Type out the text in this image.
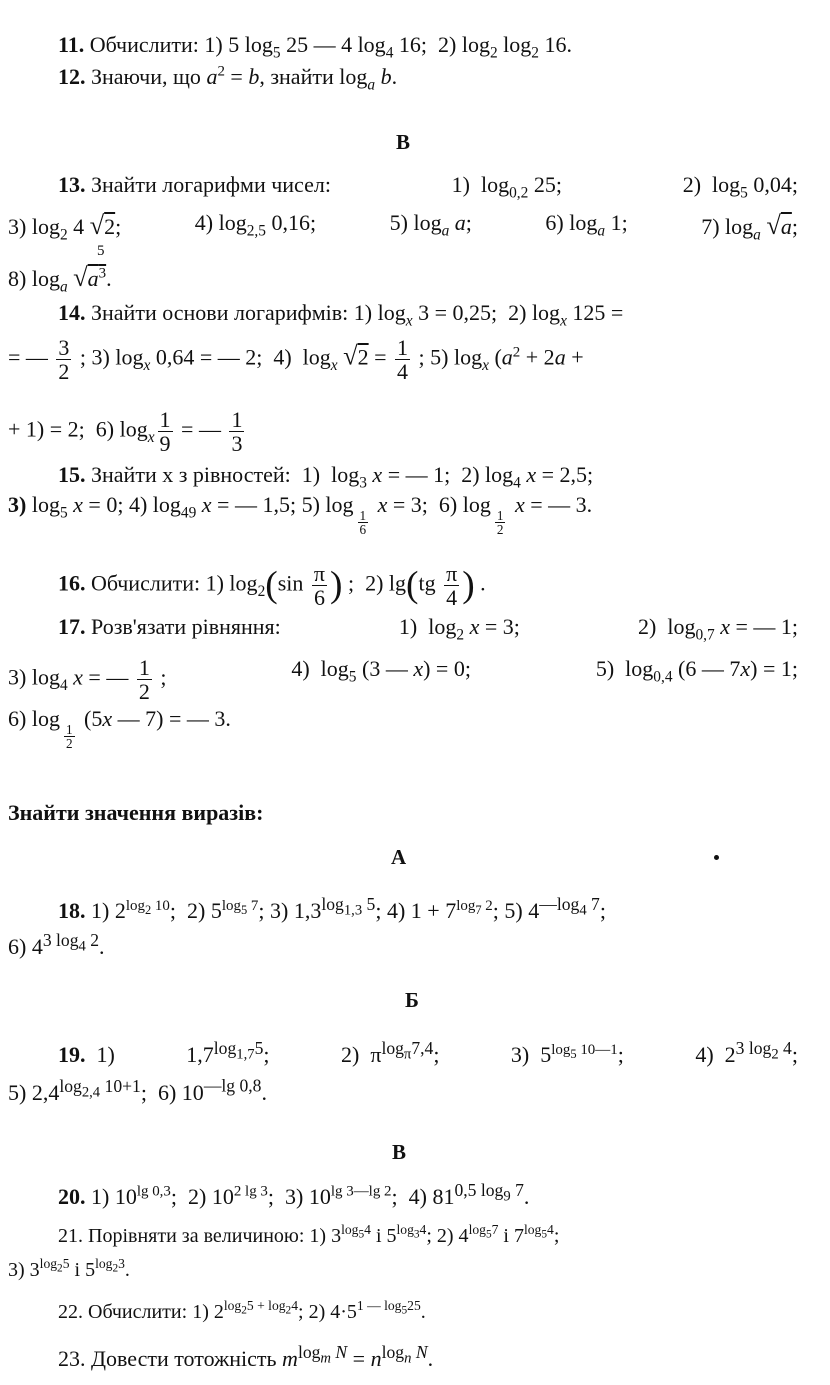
11. Обчислити: 1) 5 $\log_5 25$ — 4 $\log_4 16$;  2) $\log_2 \log_2 16$.
12. Знаючи, що $a^2 = b$, знайти $\log_a b$.
В
13. Знайти логарифми чисел:	1)  $\log_{0,2} 25$;	2)  $\log_5 0,04$;
3) $\log_2 4$ √2;	4) $\log_{2,5} 0,16$;	5) $\log_a a$;	6) $\log_a 1$;	7) $\log_a √a$;
5
8) $\log_a √a^3$.
14. Знайти основи логарифмів: 1) $\log_x 3 = 0,25$;  2) $\log_x 125$ =
= — $\frac{3}{2}$ ; 3) $\log_x 0,64$ = — 2;  4)  $\log_x √2 = \frac{1}{4}$ ; 5) $\log_x (a^2 + 2a$ +
+ 1) = 2;  6) $\log_x \frac{1}{9}$ = — $\frac{1}{3}$
15. Знайти x з рівностей:  1)  $\log_3 x$ = — 1;  2) $\log_4 x = 2,5$;
3) $\log_5 x = 0$; 4) $\log_{49} x$ = — 1,5; 5) log
$\frac{1}{6}$ x = 3;  6) log
$\frac{1}{2}$ x = — 3.
16. Обчислити: 1) $\log_2(\sin \frac{\pi}{6}$ ) ;  2) $\lg(tg \frac{\pi}{4}$ ) .
17. Розв'язати рівняння:	1)  $\log_2 x = 3$;	2)  $\log_{0,7} x$ = — 1;
3) $\log_4 x$ = — $\frac{1}{2}$ ;	4)  $\log_5 (3$ — x) = 0;	5)  $\log_{0,4} (6$ — 7x) = 1;
6) log
$\frac{1}{2} (5x$ — 7) = — 3.
Знайти значення виразів:
А
18. 1) $2^{log_2 10}$;  2) $5^{log_5 7}$; 3) $1,3^{log_{1,3} 5}$; 4) $1 + 7^{log_7 2}$; 5) $4^{—log_4 7}$;
6) $4^{3 log_4 2}$.
Б
19.  1)	$1,7^{log_{1,7}5}$;	2)  $\pi^{log_\pi 7,4}$;	3)  $5^{log_5 10—1}$;	4)  $2^{3 log_2 4}$;
5) $2,4^{log_{2,4} 10+1}$;  6) $10^{—lg 0,8}$.
В
20. 1) $10^{lg 0,3}$;  2) $10^{2 lg 3}$;  3) $10^{lg 3—lg 2}$;  4) $81^{0,5 log_9 7}$.
21. Порівняти за величиною: 1) $3^{log_54}$ і $5^{log_34}$; 2) $4^{log_57}$ і $7^{log_54}$;
3) $3^{log_25}$ і $5^{log_23}$.
22. Обчислити: 1) $2^{log_25 + log_24}$; 2) $4\cdot 5^{1 — log_525}$.
23. Довести тотожність $m^{log_m N} = n^{log_n N}$.
